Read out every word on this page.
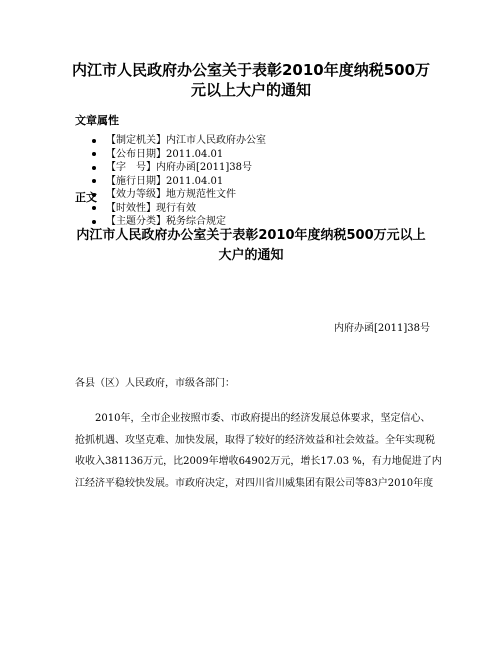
内江市人民政府办公室关于表彰2010年度纳税500万
元以上大户的通知
文章属性
【制定机关】内江市人民政府办公室
【公布日期】2011.04.01
【字　号】内府办函[2011]38号
【施行日期】2011.04.01
【效力等级】地方规范性文件
【时效性】现行有效
【主题分类】税务综合规定
正文
内江市人民政府办公室关于表彰2010年度纳税500万元以上
大户的通知
内府办函[2011]38号
各县（区）人民政府，市级各部门：
2010年，全市企业按照市委、市政府提出的经济发展总体要求，坚定信心、
抢抓机遇、攻坚克难、加快发展，取得了较好的经济效益和社会效益。全年实现税
收收入381136万元，比2009年增收64902万元，增长17.03 %，有力地促进了内
江经济平稳较快发展。市政府决定，对四川省川威集团有限公司等83户2010年度
